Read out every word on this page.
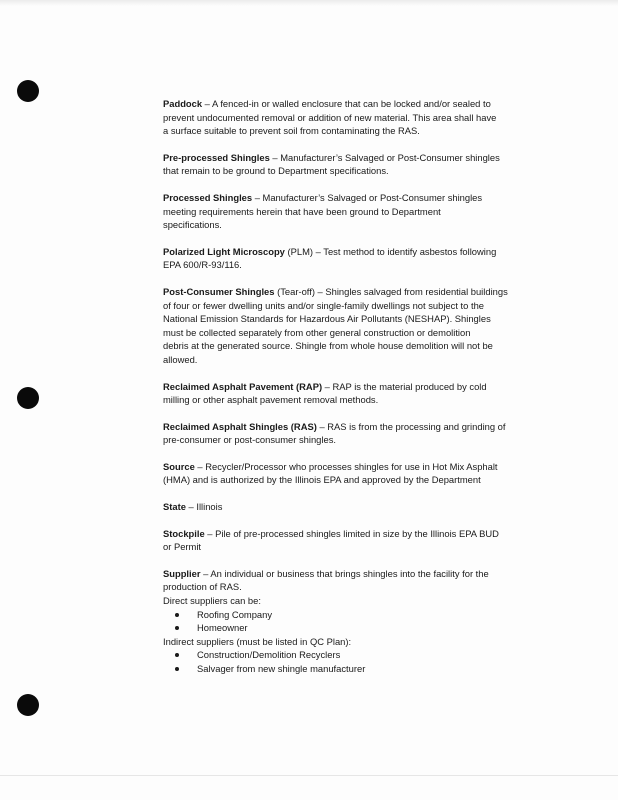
Paddock – A fenced-in or walled enclosure that can be locked and/or sealed to
prevent undocumented removal or addition of new material. This area shall have
a surface suitable to prevent soil from contaminating the RAS.
Pre-processed Shingles – Manufacturer’s Salvaged or Post-Consumer shingles
that remain to be ground to Department specifications.
Processed Shingles – Manufacturer’s Salvaged or Post-Consumer shingles
meeting requirements herein that have been ground to Department
specifications.
Polarized Light Microscopy (PLM) – Test method to identify asbestos following
EPA 600/R-93/116.
Post-Consumer Shingles (Tear-off) – Shingles salvaged from residential buildings
of four or fewer dwelling units and/or single-family dwellings not subject to the
National Emission Standards for Hazardous Air Pollutants (NESHAP). Shingles
must be collected separately from other general construction or demolition
debris at the generated source. Shingle from whole house demolition will not be
allowed.
Reclaimed Asphalt Pavement (RAP) – RAP is the material produced by cold
milling or other asphalt pavement removal methods.
Reclaimed Asphalt Shingles (RAS) – RAS is from the processing and grinding of
pre-consumer or post-consumer shingles.
Source – Recycler/Processor who processes shingles for use in Hot Mix Asphalt
(HMA) and is authorized by the Illinois EPA and approved by the Department
State – Illinois
Stockpile – Pile of pre-processed shingles limited in size by the Illinois EPA BUD
or Permit
Supplier – An individual or business that brings shingles into the facility for the
production of RAS.

Direct suppliers can be:

Roofing Company
Homeowner

Indirect suppliers (must be listed in QC Plan):

Construction/Demolition Recyclers
Salvager from new shingle manufacturer
